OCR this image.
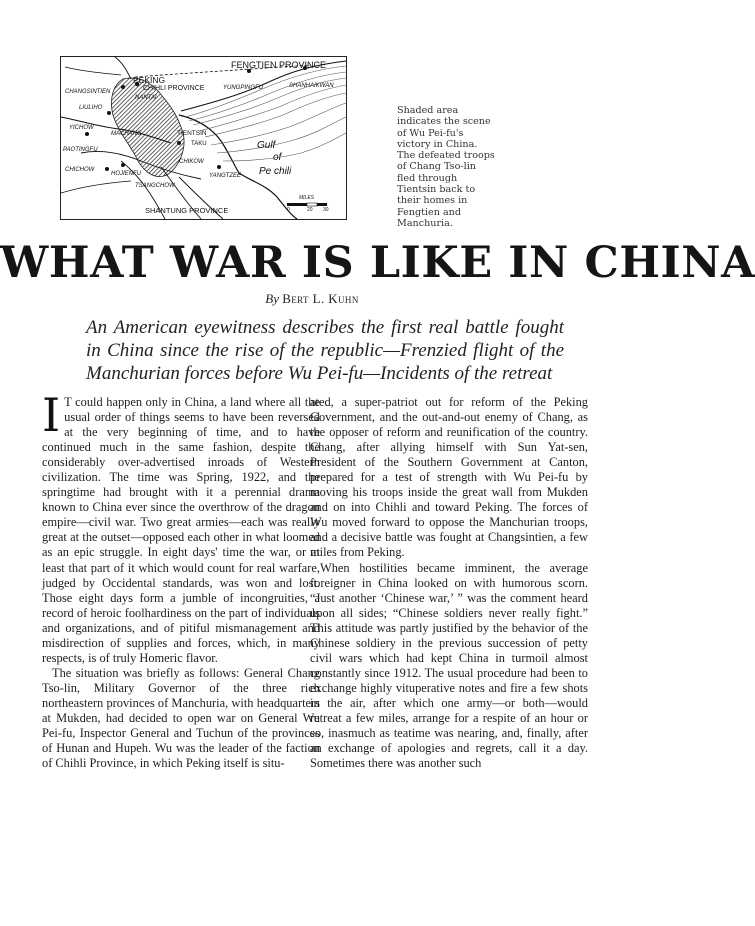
FENGTIEN PROVINCE
PEKING
CHIHLI PROVINCE	YUNGPINGFU	SHANHAIKWAN
CHANGSINTIEN
NANTAI
LIULIHO
YICHOW
MACHANG
PAOTINGFU
TIENTSIN
TAKU	Gulf
of
Pe chili
CHIKOW
CHICHOW
HOJIENFU
TSANGCHOW
YANGTZEE
SHANTUNG PROVINCE
MILES
0	20 30
Shaded area indicates the scene of Wu Pei-fu's victory in China. The defeated troops of Chang Tso-lin fled through Tientsin back to their homes in Fengtien and Manchuria.
WHAT WAR IS LIKE IN CHINA
By Bert L. Kuhn
An American eyewitness describes the first real battle fought in China since the rise of the republic—Frenzied flight of the Manchurian forces before Wu Pei-fu—Incidents of the retreat

I T could happen only in China, a land where all the usual order of things seems to have been reversed at the very beginning of time, and to have continued much in the same fashion, despite the considerably over-advertised inroads of Western civilization. The time was Spring, 1922, and the springtime had brought with it a perennial drama known to China ever since the overthrow of the dragon empire—civil war. Two great armies—each was really great at the outset—opposed each other in what loomed as an epic struggle. In eight days' time the war, or at least that part of it which would count for real warfare, judged by Occidental standards, was won and lost. Those eight days form a jumble of incongruities, a record of heroic foolhardiness on the part of individuals and organizations, and of pitiful mismanagement and misdirection of supplies and forces, which, in many respects, is of truly Homeric flavor.

The situation was briefly as follows: General Chang Tso-lin, Military Governor of the three rich northeastern provinces of Manchuria, with headquarters at Mukden, had decided to open war on General Wu Pei-fu, Inspector General and Tuchun of the provinces of Hunan and Hupeh. Wu was the leader of the faction of Chihli Province, in which Peking itself is situ-

ated, a super-patriot out for reform of the Peking Government, and the out-and-out enemy of Chang, as the opposer of reform and reunification of the country. Chang, after allying himself with Sun Yat-sen, President of the Southern Government at Canton, prepared for a test of strength with Wu Pei-fu by moving his troops inside the great wall from Mukden and on into Chihli and toward Peking. The forces of Wu moved forward to oppose the Manchurian troops, and a decisive battle was fought at Changsintien, a few miles from Peking.

When hostilities became imminent, the average foreigner in China looked on with humorous scorn. “Just another ‘Chinese war,’ ” was the comment heard upon all sides; “Chinese soldiers never really fight.” This attitude was partly justified by the behavior of the Chinese soldiery in the previous succession of petty civil wars which had kept China in turmoil almost constantly since 1912. The usual procedure had been to exchange highly vituperative notes and fire a few shots in the air, after which one army—or both—would retreat a few miles, arrange for a respite of an hour or so, inasmuch as teatime was nearing, and, finally, after an exchange of apologies and regrets, call it a day. Sometimes there was another such
